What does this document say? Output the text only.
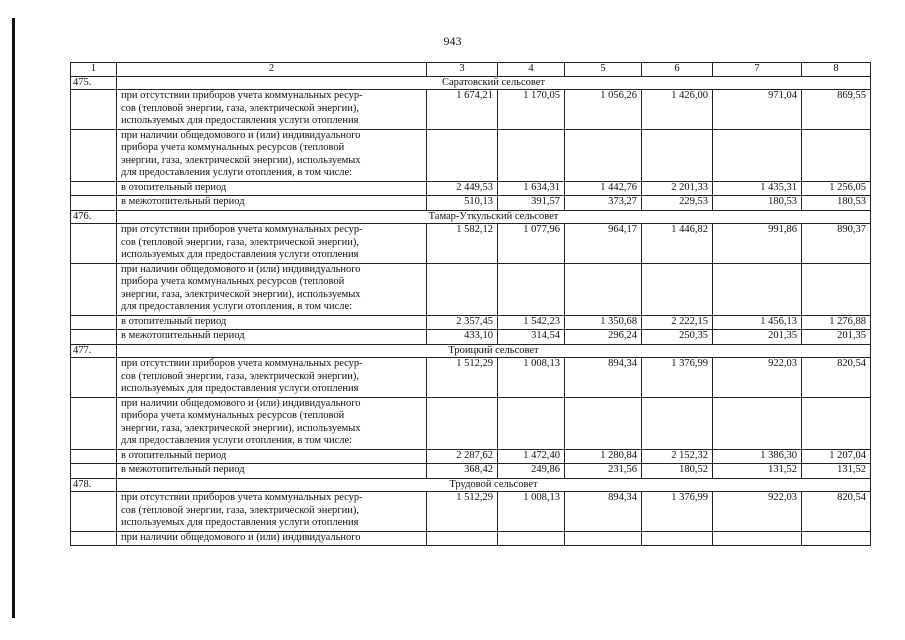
943
1	2	3	4	5	6	7	8
475.	Саратовский сельсовет						

	при отсутствии приборов учета коммунальных ресур-
сов (тепловой энергии, газа, электрической энергии),
используемых для предоставления услуги отопления	1 674,21	1 170,05	1 056,26	1 426,00	971,04	869,55

	при наличии общедомового и (или) индивидуального
прибора учета коммунальных ресурсов (тепловой
энергии, газа, электрической энергии), используемых
для предоставления услуги отопления, в том числе:						

	в отопительный период	2 449,53	1 634,31	1 442,76	2 201,33	1 435,31	1 256,05

	в межотопительный период	510,13	391,57	373,27	229,53	180,53	180,53
476.	Тамар-Уткульский сельсовет						

	при отсутствии приборов учета коммунальных ресур-
сов (тепловой энергии, газа, электрической энергии),
используемых для предоставления услуги отопления	1 582,12	1 077,96	964,17	1 446,82	991,86	890,37

	при наличии общедомового и (или) индивидуального
прибора учета коммунальных ресурсов (тепловой
энергии, газа, электрической энергии), используемых
для предоставления услуги отопления, в том числе:						

	в отопительный период	2 357,45	1 542,23	1 350,68	2 222,15	1 456,13	1 276,88

	в межотопительный период	433,10	314,54	296,24	250,35	201,35	201,35
477.	Троицкий сельсовет						

	при отсутствии приборов учета коммунальных ресур-
сов (тепловой энергии, газа, электрической энергии),
используемых для предоставления услуги отопления	1 512,29	1 008,13	894,34	1 376,99	922,03	820,54

	при наличии общедомового и (или) индивидуального
прибора учета коммунальных ресурсов (тепловой
энергии, газа, электрической энергии), используемых
для предоставления услуги отопления, в том числе:						

	в отопительный период	2 287,62	1 472,40	1 280,84	2 152,32	1 386,30	1 207,04

	в межотопительный период	368,42	249,86	231,56	180,52	131,52	131,52
478.	Трудовой сельсовет						

	при отсутствии приборов учета коммунальных ресур-
сов (тепловой энергии, газа, электрической энергии),
используемых для предоставления услуги отопления	1 512,29	1 008,13	894,34	1 376,99	922,03	820,54

	при наличии общедомового и (или) индивидуального						
